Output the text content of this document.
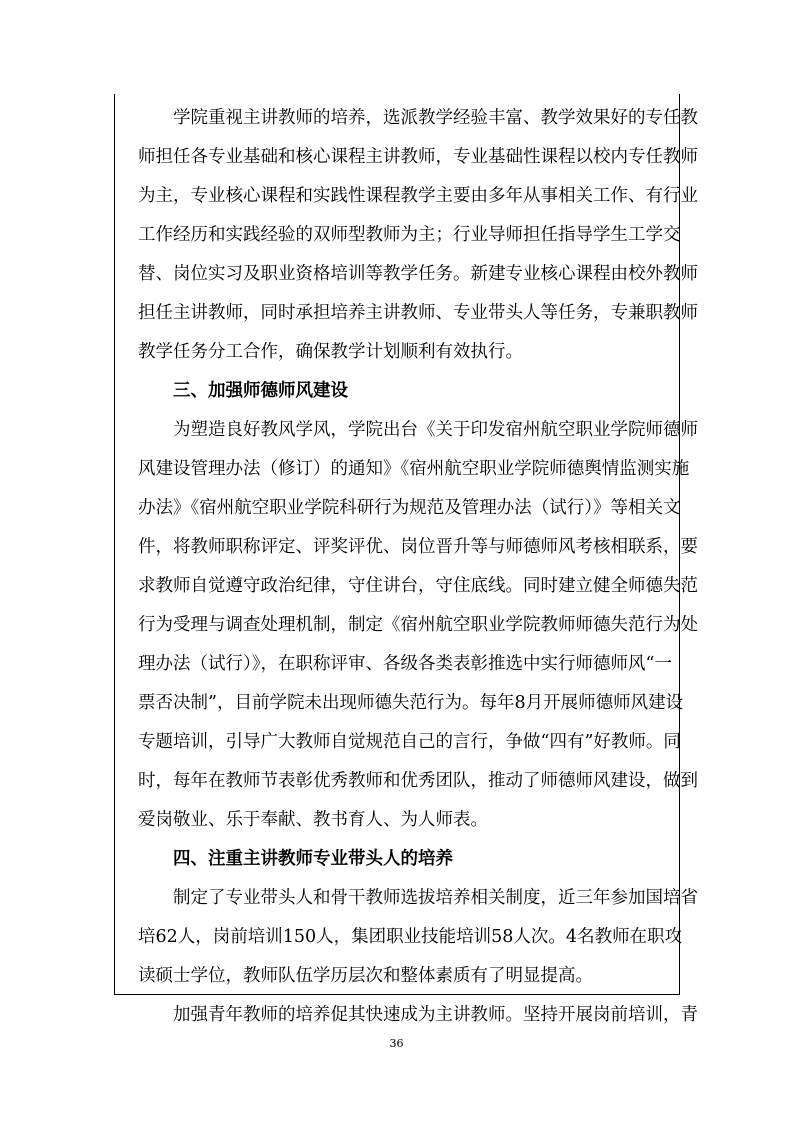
学院重视主讲教师的培养，选派教学经验丰富、教学效果好的专任教
师担任各专业基础和核心课程主讲教师，专业基础性课程以校内专任教师
为主，专业核心课程和实践性课程教学主要由多年从事相关工作、有行业
工作经历和实践经验的双师型教师为主；行业导师担任指导学生工学交
替、岗位实习及职业资格培训等教学任务。新建专业核心课程由校外教师
担任主讲教师，同时承担培养主讲教师、专业带头人等任务，专兼职教师
教学任务分工合作，确保教学计划顺利有效执行。
三、加强师德师风建设
为塑造良好教风学风，学院出台《关于印发宿州航空职业学院师德师
风建设管理办法（修订）的通知》《宿州航空职业学院师德舆情监测实施
办法》《宿州航空职业学院科研行为规范及管理办法（试行）》等相关文
件，将教师职称评定、评奖评优、岗位晋升等与师德师风考核相联系，要
求教师自觉遵守政治纪律，守住讲台，守住底线。同时建立健全师德失范
行为受理与调查处理机制，制定《宿州航空职业学院教师师德失范行为处
理办法（试行）》，在职称评审、各级各类表彰推选中实行师德师风“一
票否决制”，目前学院未出现师德失范行为。每年8月开展师德师风建设
专题培训，引导广大教师自觉规范自己的言行，争做“四有”好教师。同
时，每年在教师节表彰优秀教师和优秀团队，推动了师德师风建设，做到
爱岗敬业、乐于奉献、教书育人、为人师表。
四、注重主讲教师专业带头人的培养
制定了专业带头人和骨干教师选拔培养相关制度，近三年参加国培省
培62人，岗前培训150人，集团职业技能培训58人次。4名教师在职攻
读硕士学位，教师队伍学历层次和整体素质有了明显提高。
加强青年教师的培养促其快速成为主讲教师。坚持开展岗前培训，青
36
